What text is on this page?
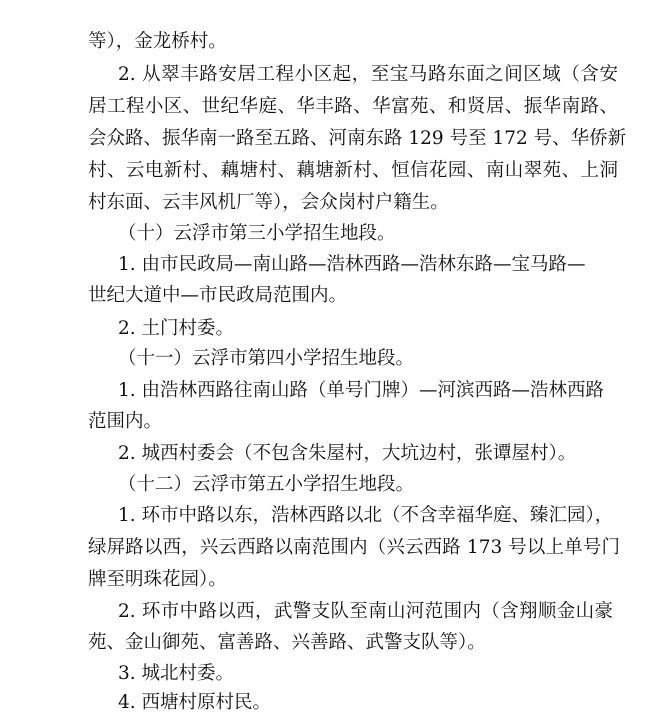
等），金龙桥村。
2. 从翠丰路安居工程小区起，至宝马路东面之间区域（含安
居工程小区、世纪华庭、华丰路、华富苑、和贤居、振华南路、
会众路、振华南一路至五路、河南东路 129 号至 172 号、华侨新
村、云电新村、藕塘村、藕塘新村、恒信花园、南山翠苑、上洞
村东面、云丰风机厂等），会众岗村户籍生。
（十）云浮市第三小学招生地段。
1. 由市民政局—南山路—浩林西路—浩林东路—宝马路—
世纪大道中—市民政局范围内。
2. 土门村委。
（十一）云浮市第四小学招生地段。
1. 由浩林西路往南山路（单号门牌）—河滨西路—浩林西路
范围内。
2. 城西村委会（不包含朱屋村，大坑边村，张谭屋村）。
（十二）云浮市第五小学招生地段。
1. 环市中路以东，浩林西路以北（不含幸福华庭、臻汇园），
绿屏路以西，兴云西路以南范围内（兴云西路 173 号以上单号门
牌至明珠花园）。
2. 环市中路以西，武警支队至南山河范围内（含翔顺金山豪
苑、金山御苑、富善路、兴善路、武警支队等）。
3. 城北村委。
4. 西塘村原村民。
